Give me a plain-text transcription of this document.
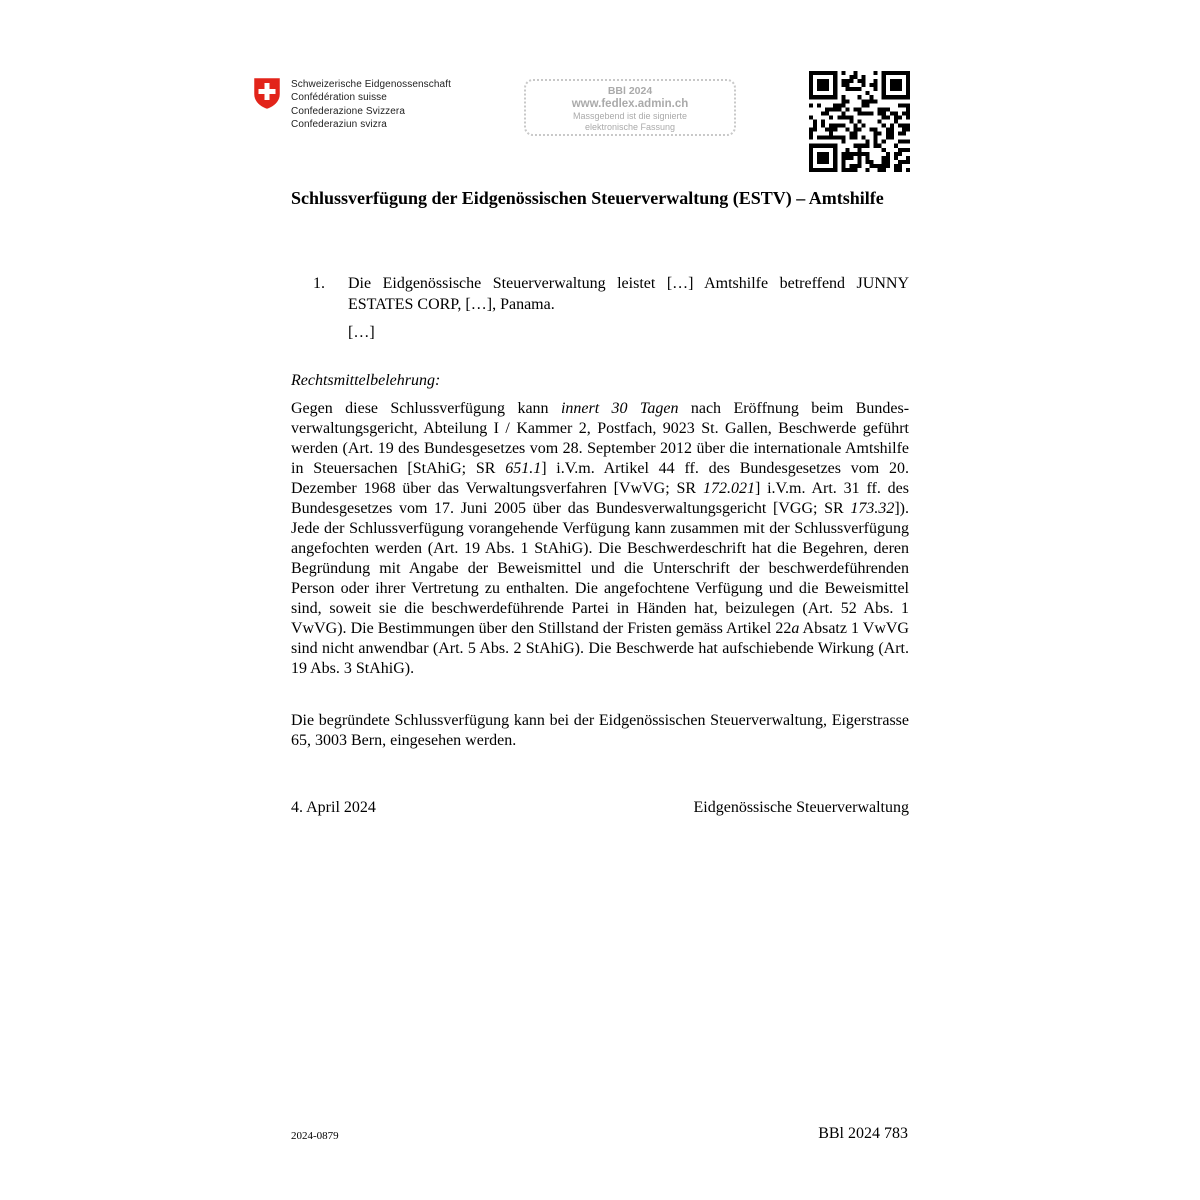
Schweizerische Eidgenossenschaft
Confédération suisse
Confederazione Svizzera
Confederaziun svizra
BBl 2024
www.fedlex.admin.ch
Massgebend ist die signierte
elektronische Fassung
Schlussverfügung der Eidgenössischen Steuerverwaltung (ESTV) – Amtshilfe
1. Die Eidgenössische Steuerverwaltung leistet […] Amtshilfe betreffend JUNNY ESTATES CORP, […], Panama.
[…]
Rechtsmittelbelehrung:
Gegen diese Schlussverfügung kann innert 30 Tagen nach Eröffnung beim Bundesverwaltungsgericht, Abteilung I / Kammer 2, Postfach, 9023 St. Gallen, Beschwerde geführt werden (Art. 19 des Bundesgesetzes vom 28. September 2012 über die internationale Amtshilfe in Steuersachen [StAhiG; SR 651.1] i.V.m. Artikel 44 ff. des Bundesgesetzes vom 20. Dezember 1968 über das Verwaltungsverfahren [VwVG; SR 172.021] i.V.m. Art. 31 ff. des Bundesgesetzes vom 17. Juni 2005 über das Bundesverwaltungsgericht [VGG; SR 173.32]). Jede der Schlussverfügung vorangehende Verfügung kann zusammen mit der Schlussverfügung angefochten werden (Art. 19 Abs. 1 StAhiG). Die Beschwerdeschrift hat die Begehren, deren Begründung mit Angabe der Beweismittel und die Unterschrift der beschwerdeführenden Person oder ihrer Vertretung zu enthalten. Die angefochtene Verfügung und die Beweismittel sind, soweit sie die beschwerdeführende Partei in Händen hat, beizulegen (Art. 52 Abs. 1 VwVG). Die Bestimmungen über den Stillstand der Fristen gemäss Artikel 22a Absatz 1 VwVG sind nicht anwendbar (Art. 5 Abs. 2 StAhiG). Die Beschwerde hat aufschiebende Wirkung (Art. 19 Abs. 3 StAhiG).
Die begründete Schlussverfügung kann bei der Eidgenössischen Steuerverwaltung, Eigerstrasse 65, 3003 Bern, eingesehen werden.
4. April 2024	Eidgenössische Steuerverwaltung
2024-0879	BBl 2024 783
